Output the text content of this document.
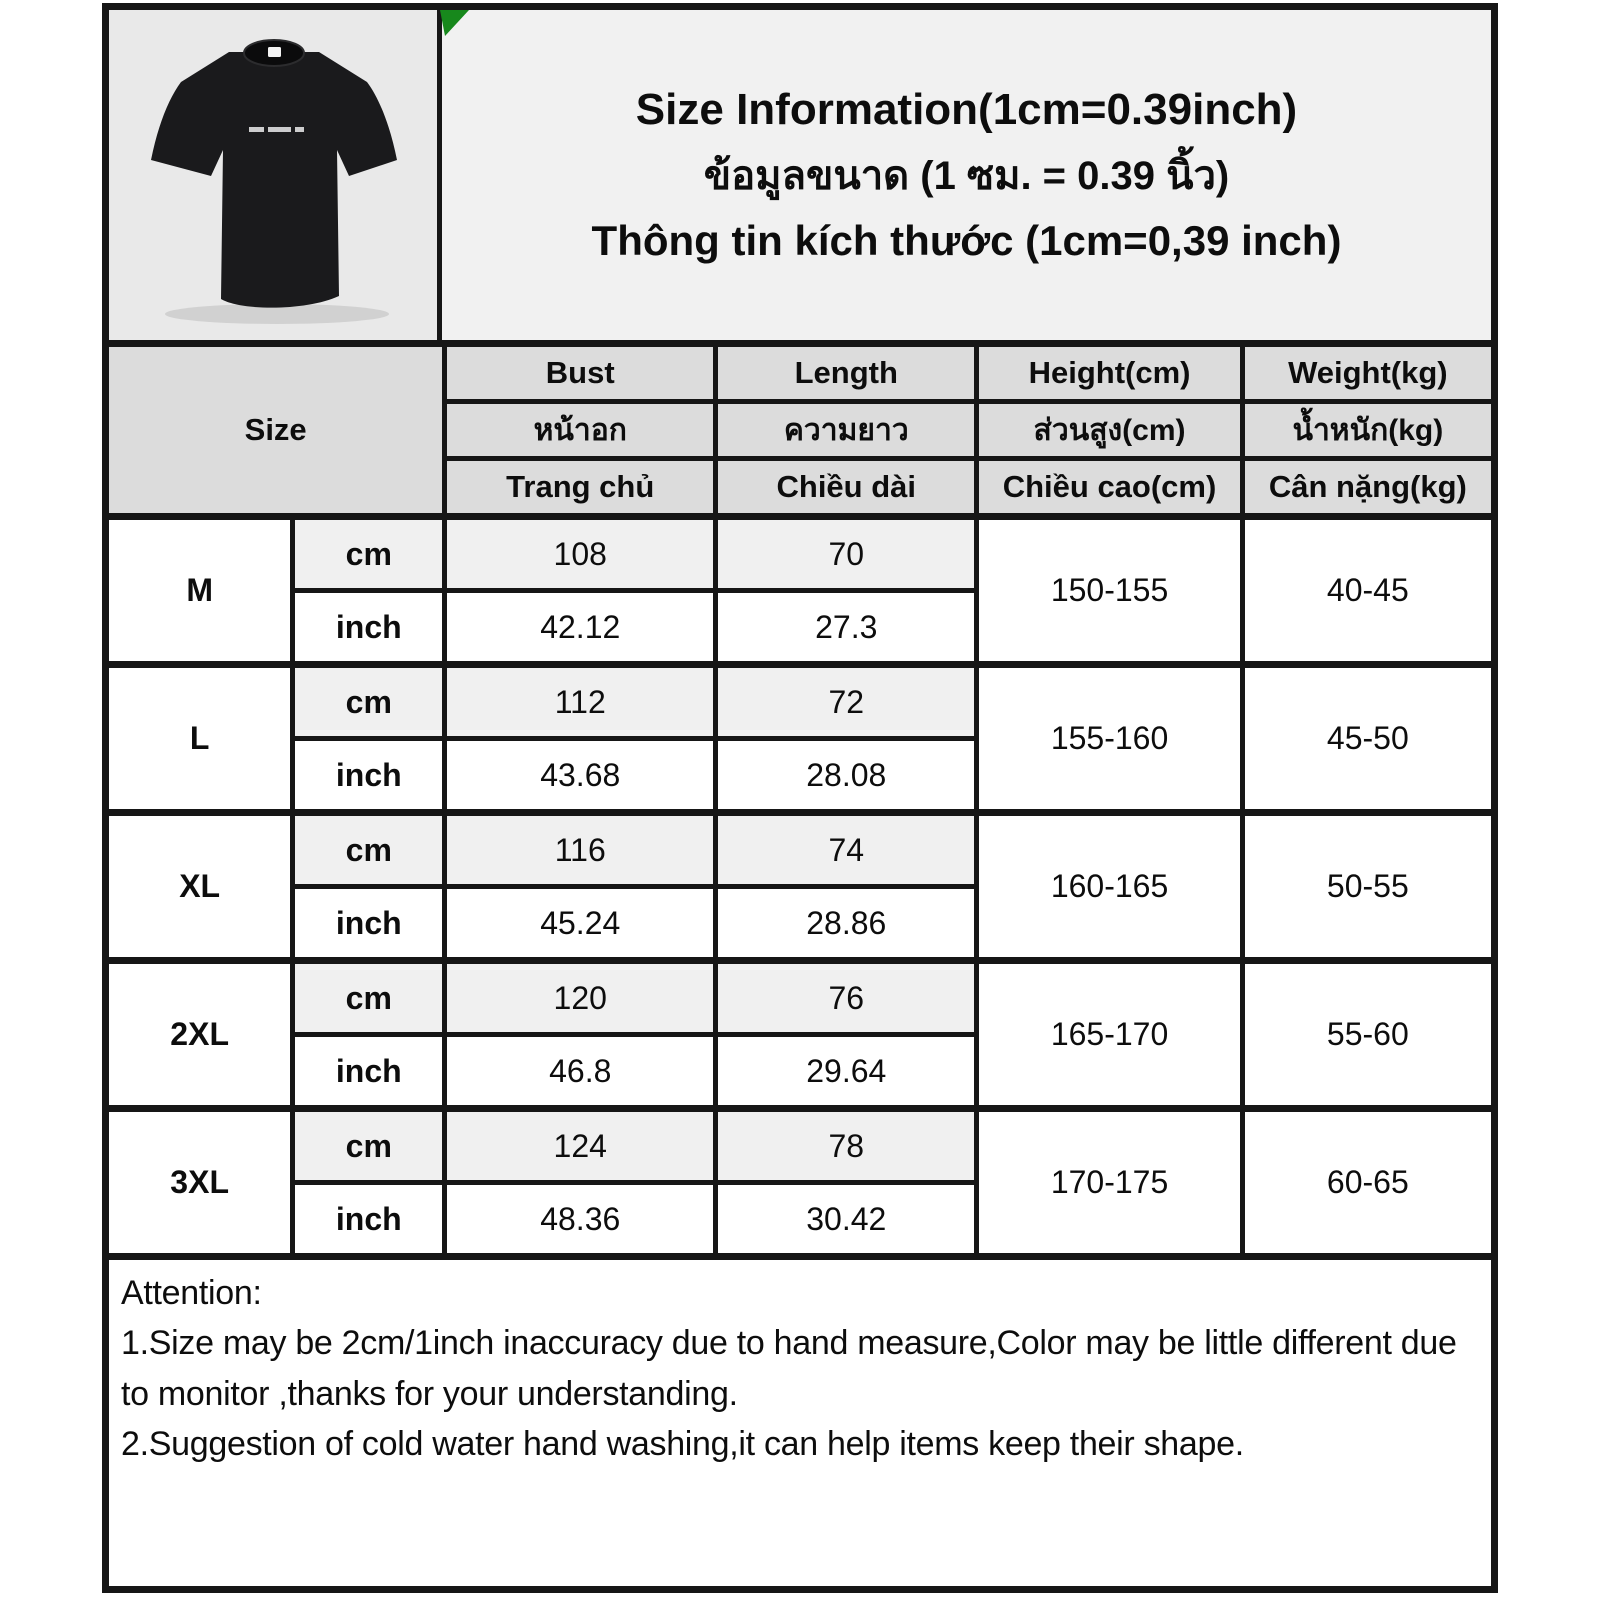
Size Information(1cm=0.39inch)
ข้อมูลขนาด (1 ซม. = 0.39 นิ้ว)
Thông tin kích thước (1cm=0,39 inch)
Size		Bust	Length	Height(cm)	Weight(kg)
		หน้าอก	ความยาว	ส่วนสูง(cm)	น้ำหนัก(kg)
		Trang chủ	Chiều dài	Chiều cao(cm)	Cân nặng(kg)
M	cm	108	70	150-155	40-45
	inch	42.12	27.3		
L	cm	112	72	155-160	45-50
	inch	43.68	28.08		
XL	cm	116	74	160-165	50-55
	inch	45.24	28.86		
2XL	cm	120	76	165-170	55-60
	inch	46.8	29.64		
3XL	cm	124	78	170-175	60-65
	inch	48.36	30.42		

Attention:

1.Size may be 2cm/1inch inaccuracy due to hand measure,Color may be little different due to monitor ,thanks for your understanding.

2.Suggestion of cold water hand washing,it can help items keep their shape.
